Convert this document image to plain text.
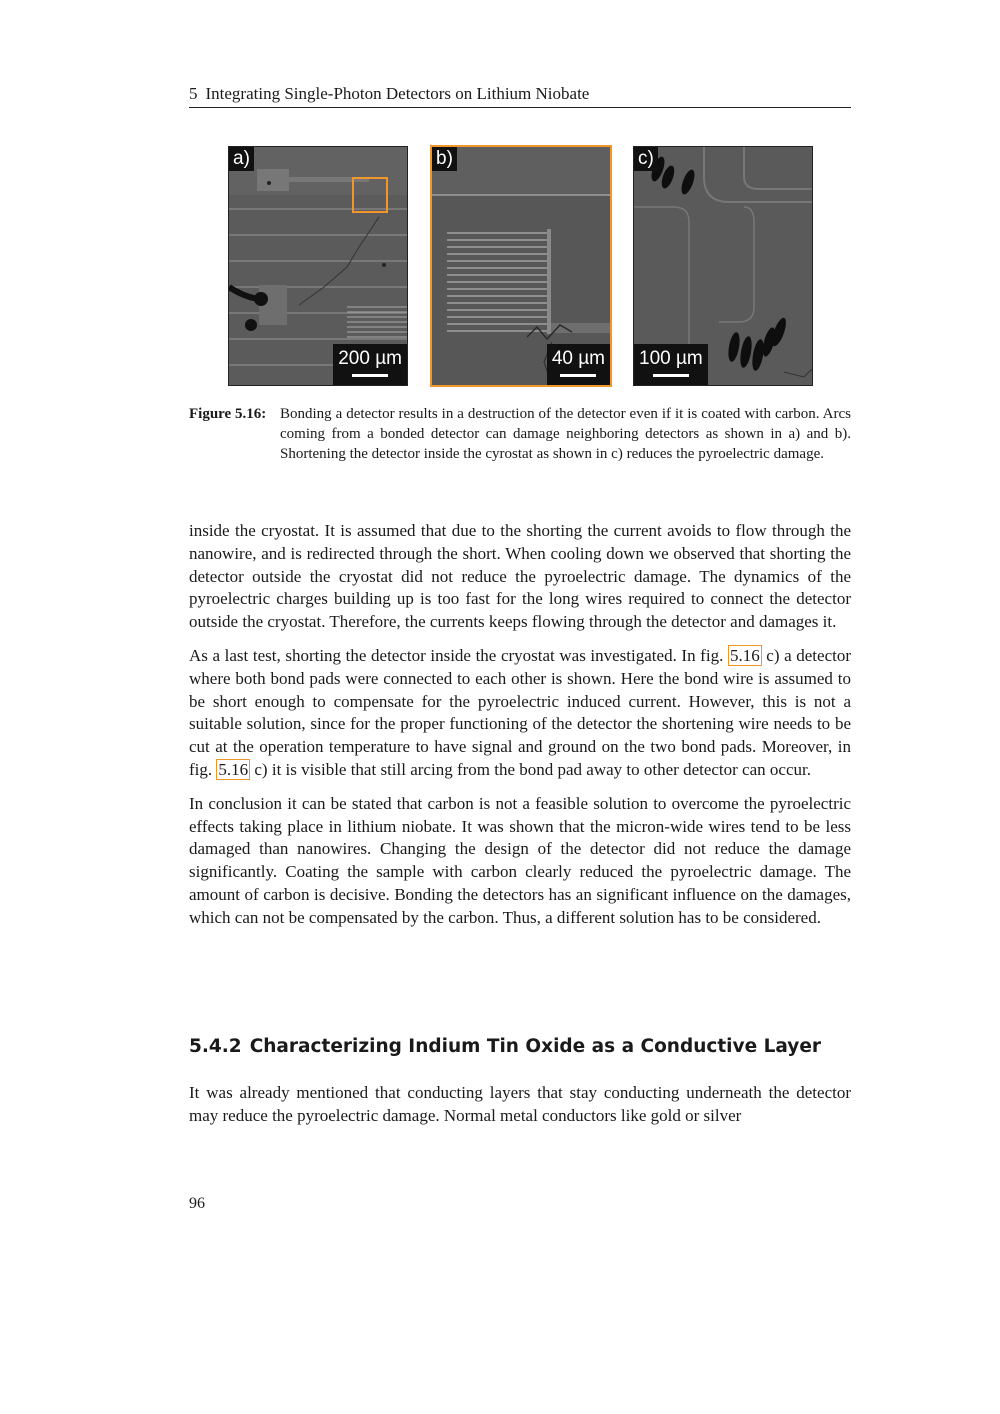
5 Integrating Single-Photon Detectors on Lithium Niobate
a)
200 µm
b)
40 µm
c)
100 µm
Figure 5.16: Bonding a detector results in a destruction of the detector even if it is coated with carbon. Arcs coming from a bonded detector can damage neighboring detectors as shown in a) and b). Shortening the detector inside the cyrostat as shown in c) reduces the pyroelectric damage.

inside the cryostat. It is assumed that due to the shorting the current avoids to flow through the nanowire, and is redirected through the short. When cooling down we observed that shorting the detector outside the cryostat did not reduce the pyroelectric damage. The dynamics of the pyroelectric charges building up is too fast for the long wires required to connect the detector outside the cryostat. Therefore, the currents keeps flowing through the detector and damages it.

As a last test, shorting the detector inside the cryostat was investigated. In fig. 5.16 c) a detector where both bond pads were connected to each other is shown. Here the bond wire is assumed to be short enough to compensate for the pyroelectric induced current. However, this is not a suitable solution, since for the proper functioning of the detector the shortening wire needs to be cut at the operation temperature to have signal and ground on the two bond pads. Moreover, in fig. 5.16 c) it is visible that still arcing from the bond pad away to other detector can occur.

In conclusion it can be stated that carbon is not a feasible solution to overcome the pyroelectric effects taking place in lithium niobate. It was shown that the micron-wide wires tend to be less damaged than nanowires. Changing the design of the detector did not reduce the damage significantly. Coating the sample with carbon clearly reduced the pyroelectric damage. The amount of carbon is decisive. Bonding the detectors has an significant influence on the damages, which can not be compensated by the carbon. Thus, a different solution has to be considered.

5.4.2 Characterizing Indium Tin Oxide as a Conductive Layer

It was already mentioned that conducting layers that stay conducting underneath the detector may reduce the pyroelectric damage. Normal metal conductors like gold or silver

96
